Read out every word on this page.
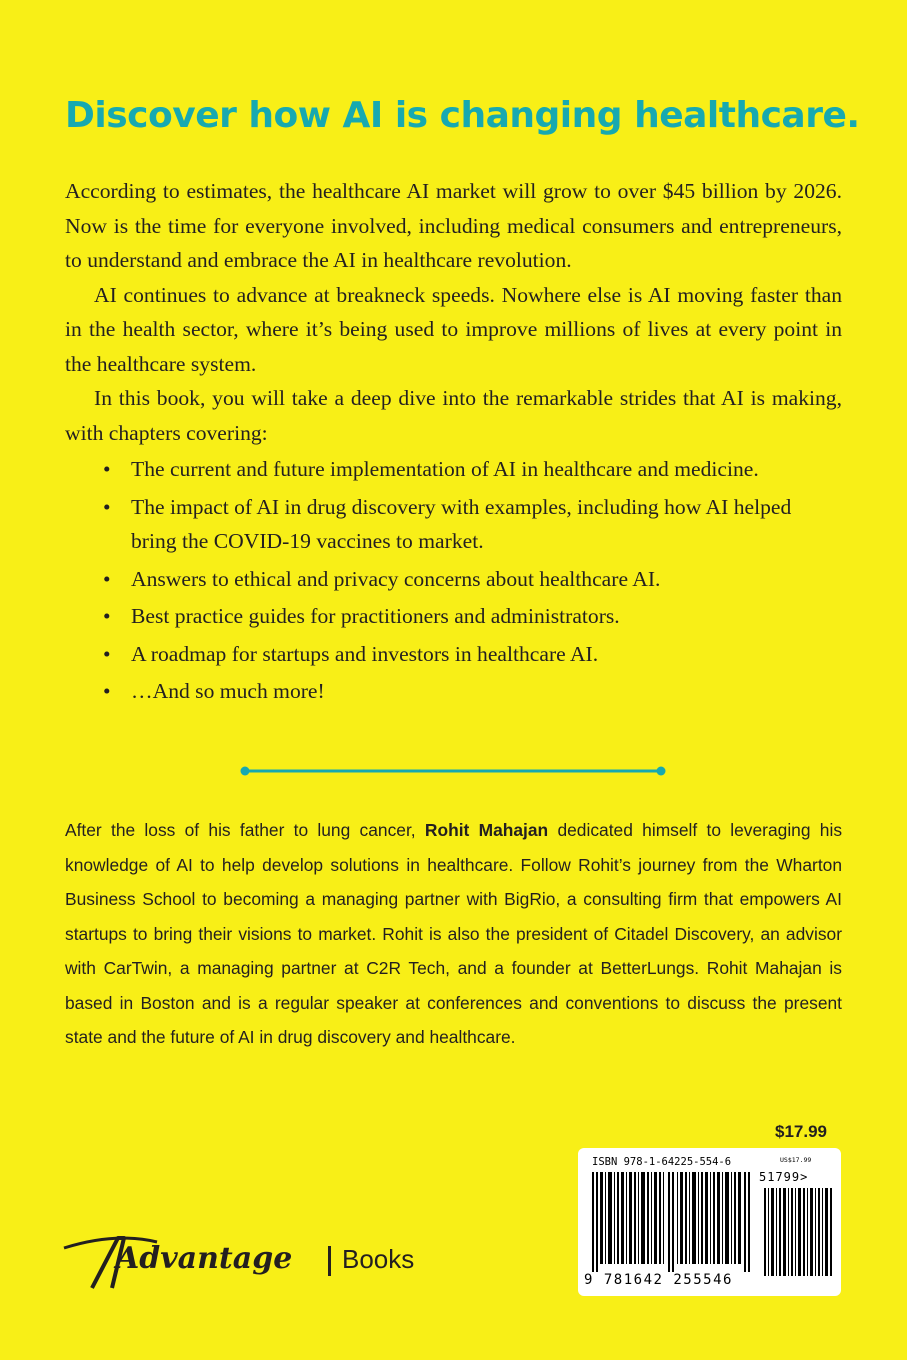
Discover how AI is changing healthcare.

According to estimates, the healthcare AI market will grow to over $45 billion by 2026. Now is the time for everyone involved, including medical consumers and entrepreneurs, to understand and embrace the AI in healthcare revolution.

AI continues to advance at breakneck speeds. Nowhere else is AI moving faster than in the health sector, where it’s being used to improve millions of lives at every point in the healthcare system.

In this book, you will take a deep dive into the remarkable strides that AI is making, with chapters covering:

• The current and future implementation of AI in healthcare and medicine.
• The impact of AI in drug discovery with examples, including how AI helped bring the COVID-19 vaccines to market.
• Answers to ethical and privacy concerns about healthcare AI.
• Best practice guides for practitioners and administrators.
• A roadmap for startups and investors in healthcare AI.
• …And so much more!

After the loss of his father to lung cancer, Rohit Mahajan dedicated himself to leveraging his knowledge of AI to help develop solutions in healthcare. Follow Rohit’s journey from the Wharton Business School to becoming a managing partner with BigRio, a consulting firm that empowers AI startups to bring their visions to market. Rohit is also the president of Citadel Discovery, an advisor with CarTwin, a managing partner at C2R Tech, and a founder at BetterLungs. Rohit Mahajan is based in Boston and is a regular speaker at conferences and conventions to discuss the present state and the future of AI in drug discovery and healthcare.

$17.99
ISBN 978-1-64225-554-6	US$17.99
51799>
9 781642 255546
Advantage Books
